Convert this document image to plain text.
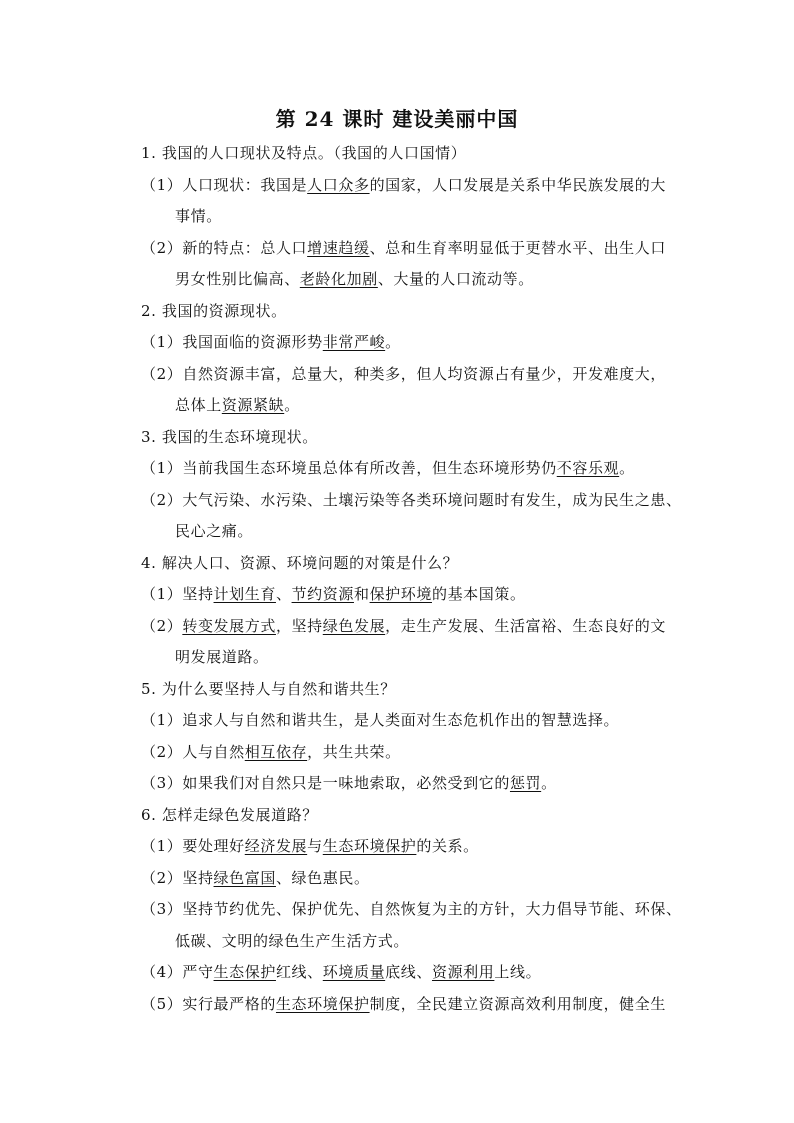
第 24 课时 建设美丽中国
1. 我国的人口现状及特点。（我国的人口国情）
（1）人口现状：我国是人口众多的国家，人口发展是关系中华民族发展的大
事情。
（2）新的特点：总人口增速趋缓、总和生育率明显低于更替水平、出生人口
男女性别比偏高、老龄化加剧、大量的人口流动等。
2. 我国的资源现状。
（1）我国面临的资源形势非常严峻。
（2）自然资源丰富，总量大，种类多，但人均资源占有量少，开发难度大，
总体上资源紧缺。
3. 我国的生态环境现状。
（1）当前我国生态环境虽总体有所改善，但生态环境形势仍不容乐观。
（2）大气污染、水污染、土壤污染等各类环境问题时有发生，成为民生之患、
民心之痛。
4. 解决人口、资源、环境问题的对策是什么？
（1）坚持计划生育、节约资源和保护环境的基本国策。
（2）转变发展方式，坚持绿色发展，走生产发展、生活富裕、生态良好的文
明发展道路。
5. 为什么要坚持人与自然和谐共生？
（1）追求人与自然和谐共生，是人类面对生态危机作出的智慧选择。
（2）人与自然相互依存，共生共荣。
（3）如果我们对自然只是一味地索取，必然受到它的惩罚。
6. 怎样走绿色发展道路？
（1）要处理好经济发展与生态环境保护的关系。
（2）坚持绿色富国、绿色惠民。
（3）坚持节约优先、保护优先、自然恢复为主的方针，大力倡导节能、环保、
低碳、文明的绿色生产生活方式。
（4）严守生态保护红线、环境质量底线、资源利用上线。
（5）实行最严格的生态环境保护制度，全民建立资源高效利用制度，健全生
